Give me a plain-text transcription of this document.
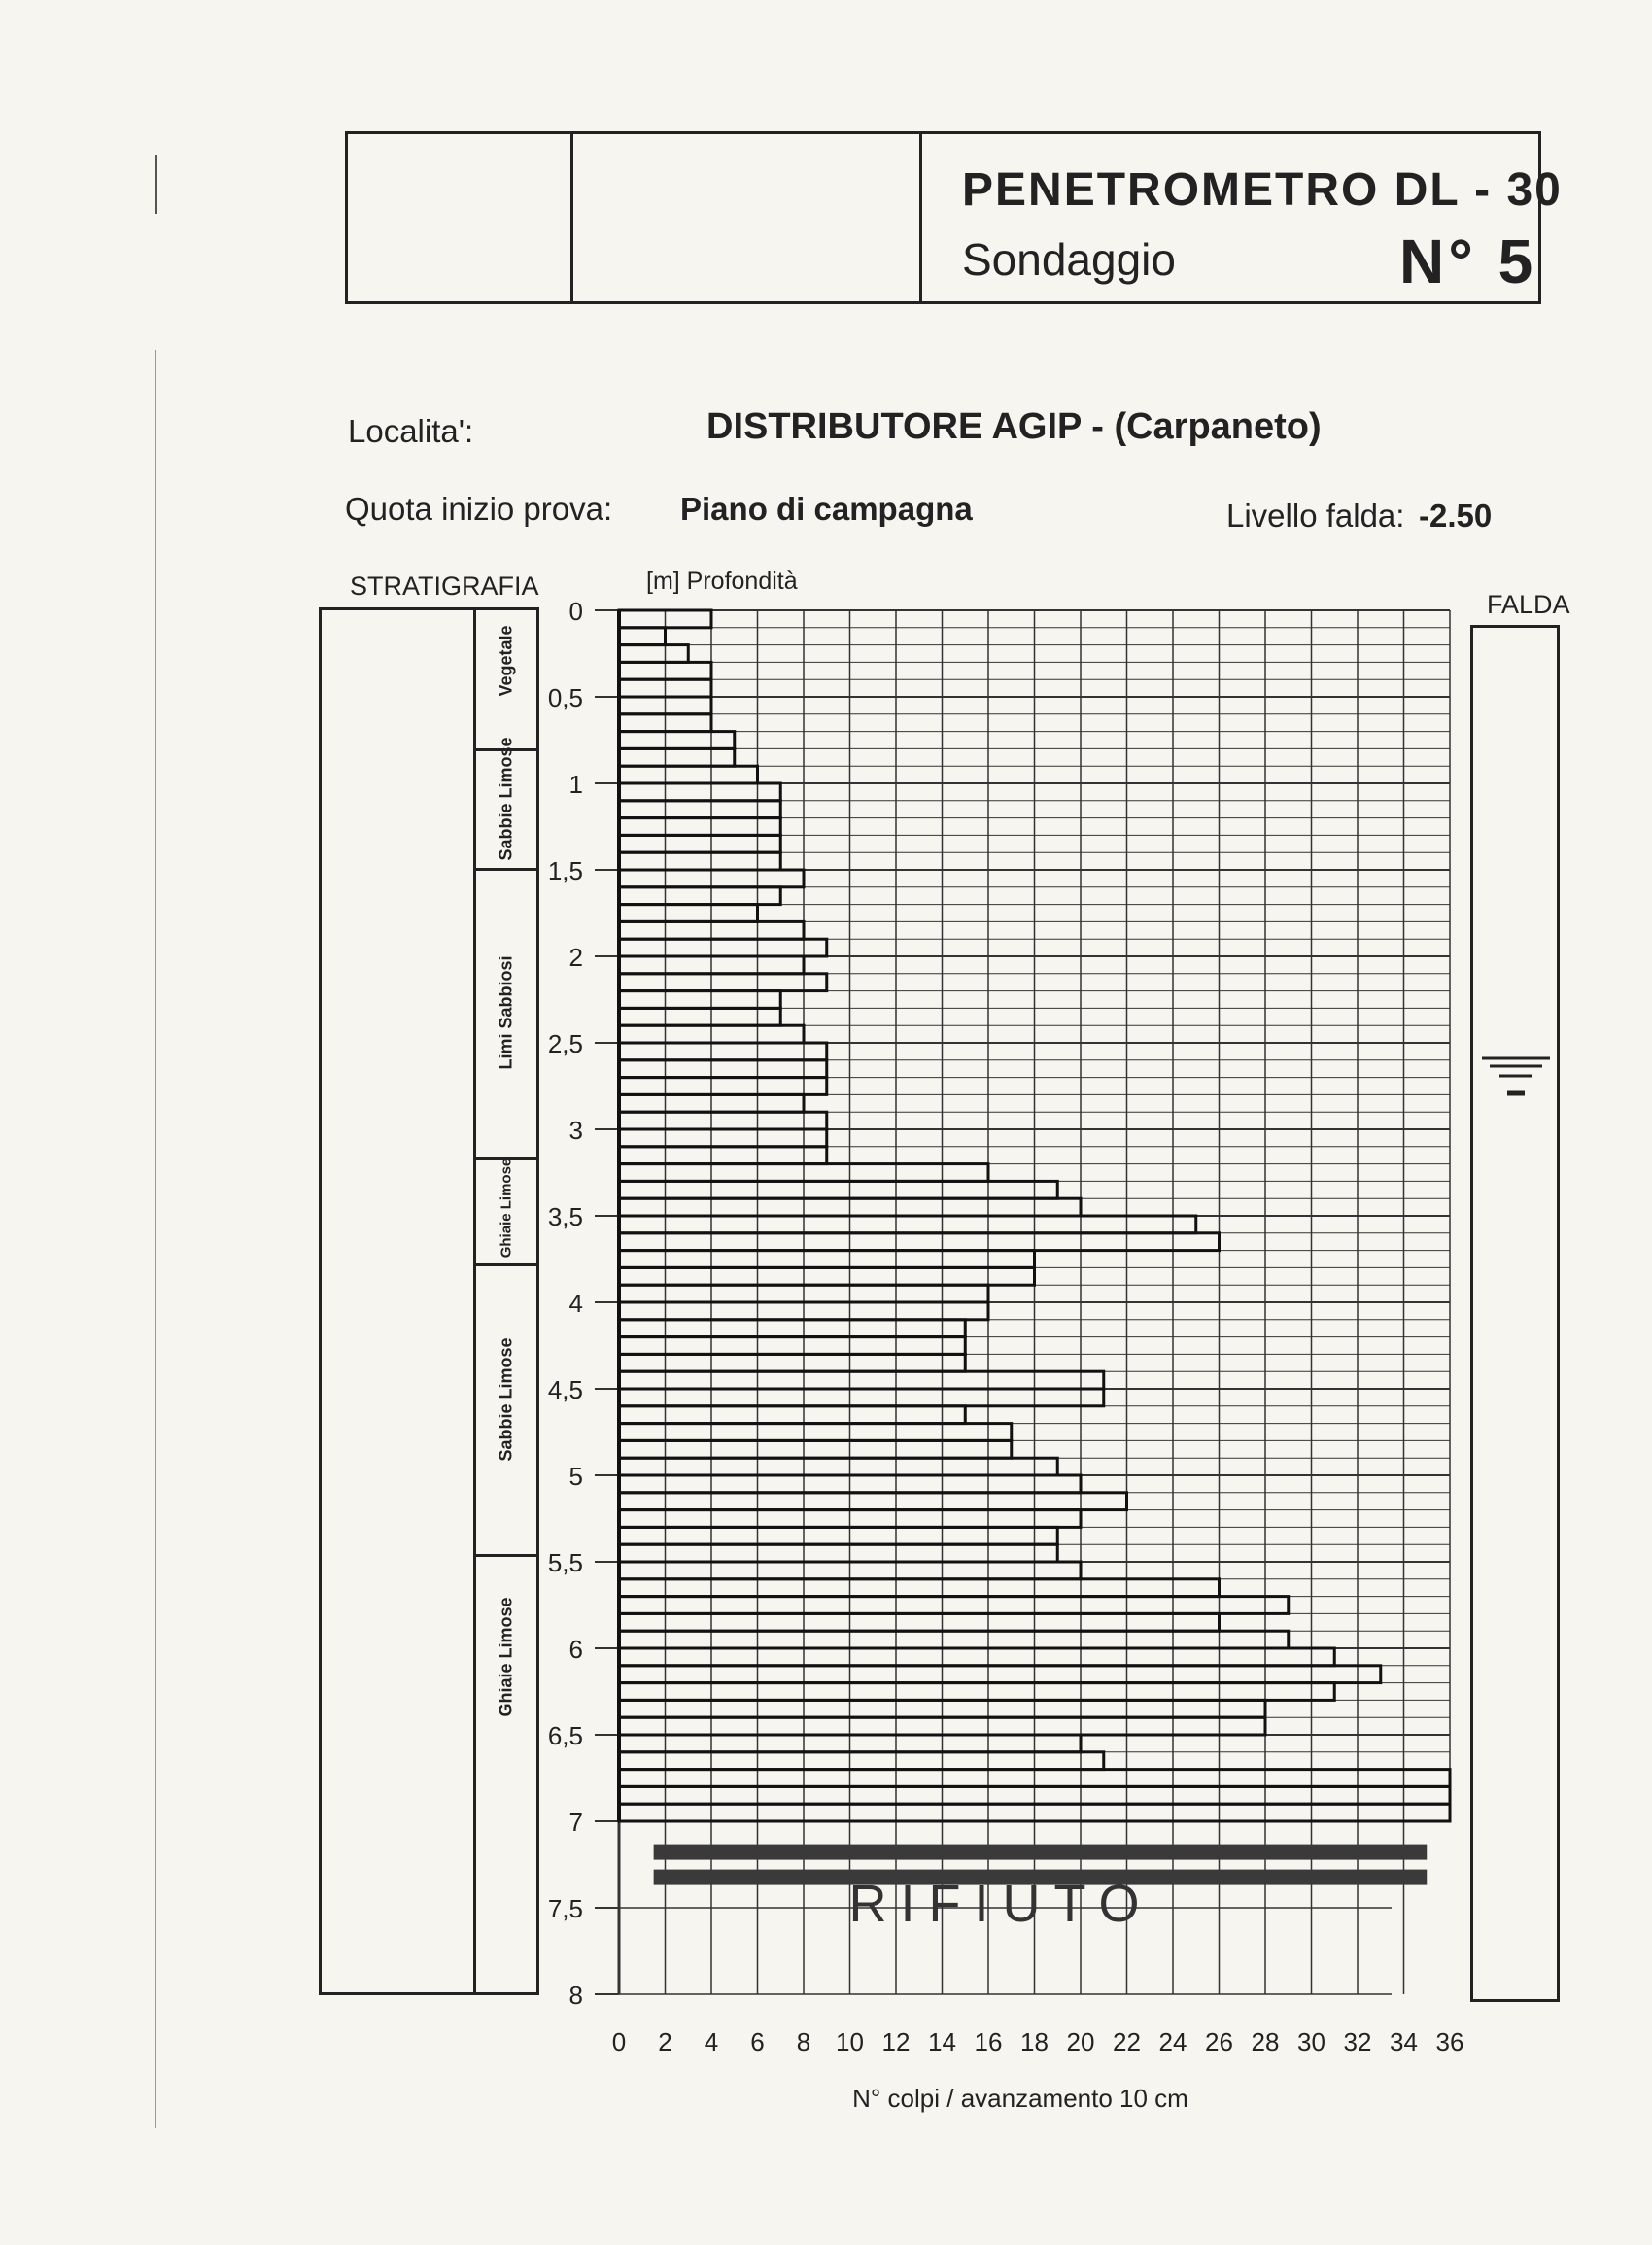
PENETROMETRO DL - 30
Sondaggio	N° 5
Localita':	DISTRIBUTORE AGIP - (Carpaneto)
Quota inizio prova: Piano di campagna	Livello falda: -2.50
STRATIGRAFIA
Vegetale
Sabbie Limose
Limi Sabbiosi
Ghiaie Limose
Sabbie Limose
Ghiaie Limose
FALDA
0
0,5
1
1,5
2
2,5
3
3,5
4
4,5
5
5,5
6
6,5
7
7,5
8
0 2 4 6 8 10 12 14 16 18 20 22 24 26 28 30 32 34 36
[m] Profondità
N° colpi / avanzamento 10 cm
RIFIUTO
